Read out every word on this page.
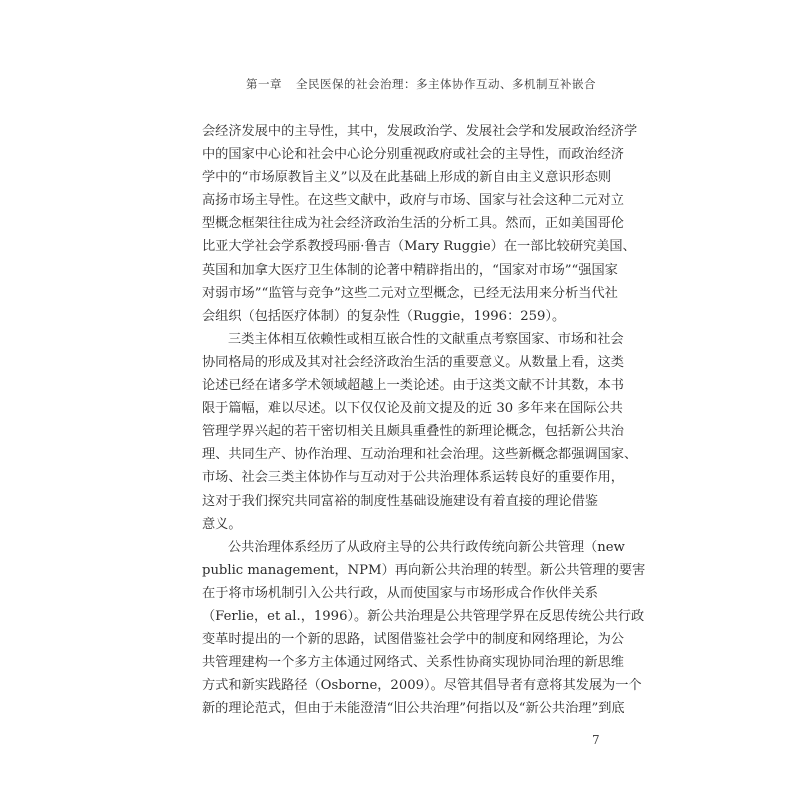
第一章 全民医保的社会治理：多主体协作互动、多机制互补嵌合
会经济发展中的主导性，其中，发展政治学、发展社会学和发展政治经济学
中的国家中心论和社会中心论分别重视政府或社会的主导性，而政治经济
学中的“市场原教旨主义”以及在此基础上形成的新自由主义意识形态则
高扬市场主导性。在这些文献中，政府与市场、国家与社会这种二元对立
型概念框架往往成为社会经济政治生活的分析工具。然而，正如美国哥伦
比亚大学社会学系教授玛丽·鲁吉（Mary Ruggie）在一部比较研究美国、
英国和加拿大医疗卫生体制的论著中精辟指出的，“国家对市场”“强国家
对弱市场”“监管与竞争”这些二元对立型概念，已经无法用来分析当代社
会组织（包括医疗体制）的复杂性（Ruggie，1996：259）。
三类主体相互依赖性或相互嵌合性的文献重点考察国家、市场和社会
协同格局的形成及其对社会经济政治生活的重要意义。从数量上看，这类
论述已经在诸多学术领域超越上一类论述。由于这类文献不计其数，本书
限于篇幅，难以尽述。以下仅仅论及前文提及的近 30 多年来在国际公共
管理学界兴起的若干密切相关且颇具重叠性的新理论概念，包括新公共治
理、共同生产、协作治理、互动治理和社会治理。这些新概念都强调国家、
市场、社会三类主体协作与互动对于公共治理体系运转良好的重要作用，
这对于我们探究共同富裕的制度性基础设施建设有着直接的理论借鉴
意义。
公共治理体系经历了从政府主导的公共行政传统向新公共管理（new
public management，NPM）再向新公共治理的转型。新公共管理的要害
在于将市场机制引入公共行政，从而使国家与市场形成合作伙伴关系
（Ferlie，et al.，1996）。新公共治理是公共管理学界在反思传统公共行政
变革时提出的一个新的思路，试图借鉴社会学中的制度和网络理论，为公
共管理建构一个多方主体通过网络式、关系性协商实现协同治理的新思维
方式和新实践路径（Osborne，2009）。尽管其倡导者有意将其发展为一个
新的理论范式，但由于未能澄清“旧公共治理”何指以及“新公共治理”到底
7
